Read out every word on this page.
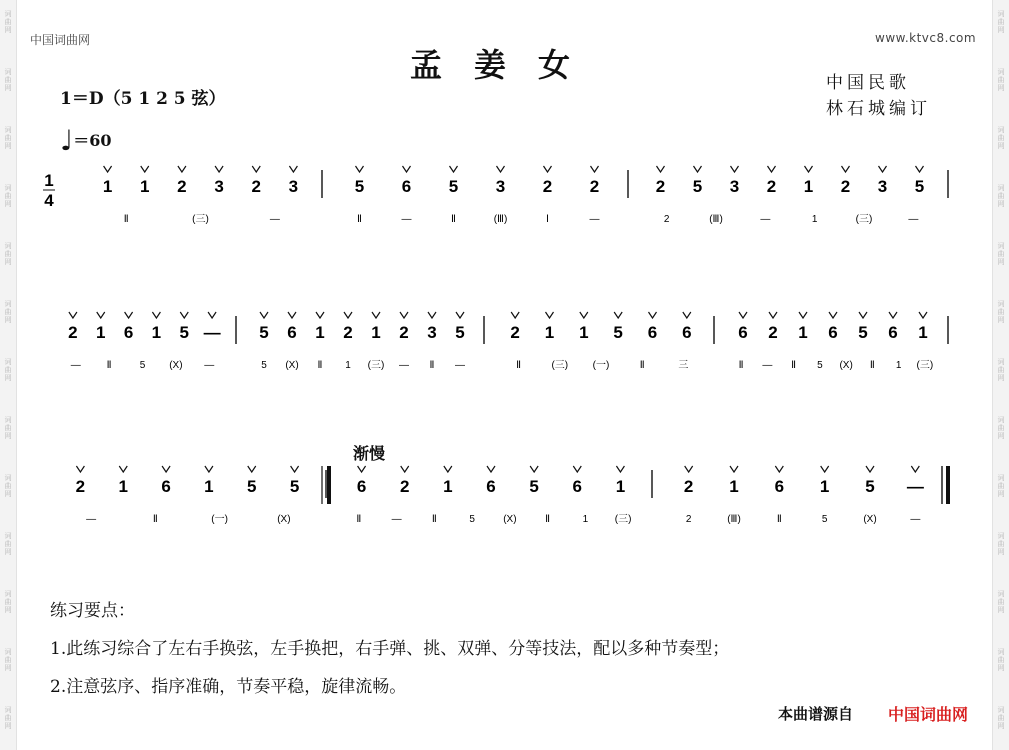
词
曲
网
词
曲
网
词
曲
网
词
曲
网
词
曲
网
词
曲
网
词
曲
网
词
曲
网
词
曲
网
词
曲
网
词
曲
网
词
曲
网
词
曲
网
词
曲
网
词
曲
网
词
曲
网
词
曲
网
词
曲
网
词
曲
网
词
曲
网
词
曲
网
词
曲
网
词
曲
网
词
曲
网
词
曲
网
词
曲
网
中国词曲网	www.ktvc8.com
孟姜女	中国民歌
林石城编订
1＝D（5 1 2 5 弦）
♩＝60
渐慢
1
4
1 1 2 3 2 3
Ⅱ	(三)	—
5 6 5 3 2 2
Ⅱ	—	Ⅱ	(Ⅲ)	Ⅰ	—
2 5 3 2 1 2 3 5
2	(Ⅲ)	—	1	(三)	—
2 1 6 1 5 —
—	Ⅱ	5 (X) —
5 6 1 2 1 2 3 5
5 (X) Ⅱ 1 (三) — Ⅱ —
2 1 1 5 6 6
Ⅱ	(三) (一)	Ⅱ	三
6 2 1 6 5 6 1
Ⅱ — Ⅱ 5 (X) Ⅱ 1 (三)
2 1 6 1 5 5
—	Ⅱ	(一)	(X)
6 2 1 6 5 6 1
Ⅱ	—	Ⅱ	5	(X)	Ⅱ	1	(三)
2 1 6 1 5 —
2	(Ⅲ)	Ⅱ	5	(X)	—
练习要点：
1.此练习综合了左右手换弦，左手换把，右手弹、挑、双弹、分等技法，配以多种节奏型；
2.注意弦序、指序准确，节奏平稳，旋律流畅。
本曲谱源自 中国词曲网
